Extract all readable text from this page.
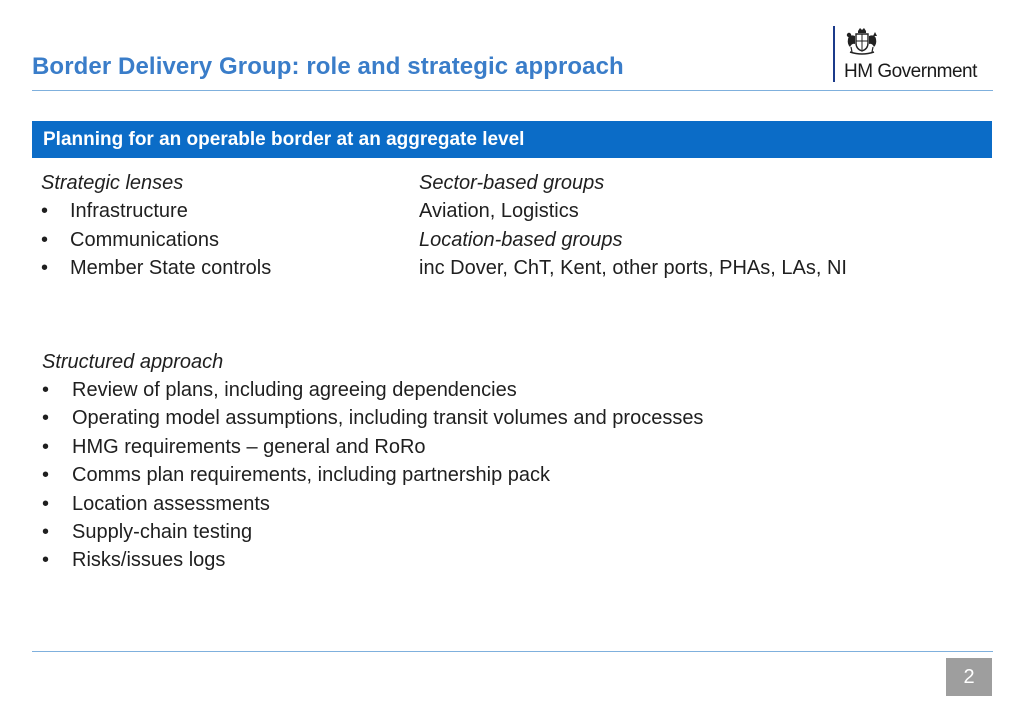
Border Delivery Group: role and strategic approach	HM Government
Planning for an operable border at an aggregate level
Strategic lenses
• Infrastructure
• Communications
• Member State controls
Sector-based groups
Aviation, Logistics
Location-based groups
inc Dover, ChT, Kent, other ports, PHAs, LAs, NI
Structured approach
• Review of plans, including agreeing dependencies
• Operating model assumptions, including transit volumes and processes
• HMG requirements – general and RoRo
• Comms plan requirements, including partnership pack
• Location assessments
• Supply-chain testing
• Risks/issues logs
2
